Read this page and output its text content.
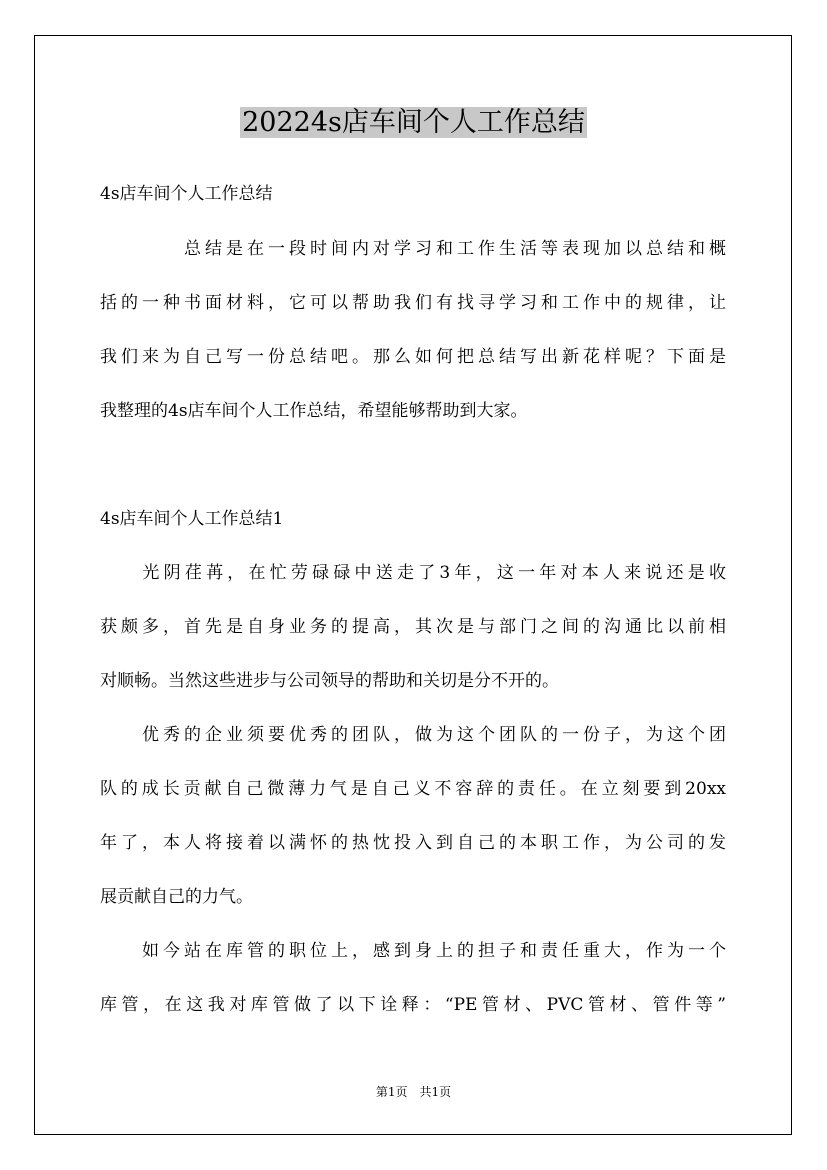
20224s店车间个人工作总结
4s店车间个人工作总结
　　　　总结是在一段时间内对学习和工作生活等表现加以总结和概
括的一种书面材料，它可以帮助我们有找寻学习和工作中的规律，让
我们来为自己写一份总结吧。那么如何把总结写出新花样呢？下面是
我整理的4s店车间个人工作总结，希望能够帮助到大家。
4s店车间个人工作总结1
　　光阴荏苒，在忙劳碌碌中送走了3年，这一年对本人来说还是收
获颇多，首先是自身业务的提高，其次是与部门之间的沟通比以前相
对顺畅。当然这些进步与公司领导的帮助和关切是分不开的。
　　优秀的企业须要优秀的团队，做为这个团队的一份子，为这个团
队的成长贡献自己微薄力气是自己义不容辞的责任。在立刻要到20xx
年了，本人将接着以满怀的热忱投入到自己的本职工作，为公司的发
展贡献自己的力气。
　　如今站在库管的职位上，感到身上的担子和责任重大，作为一个
库管，在这我对库管做了以下诠释：“PE管材、PVC管材、管件等”
第1页　共1页
